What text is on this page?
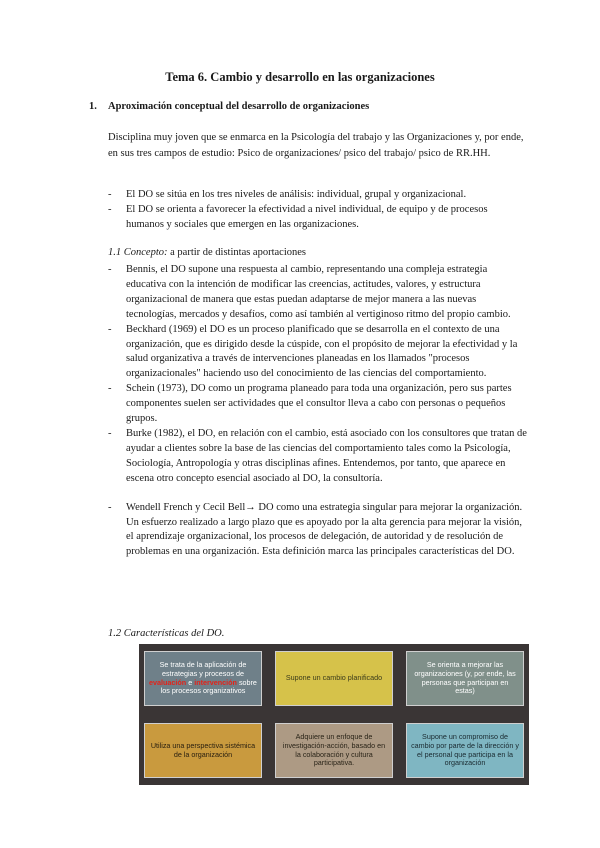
Tema 6. Cambio y desarrollo en las organizaciones
1. Aproximación conceptual del desarrollo de organizaciones

Disciplina muy joven que se enmarca en la Psicología del trabajo y las Organizaciones y, por ende, en sus tres campos de estudio: Psico de organizaciones/ psico del trabajo/ psico de RR.HH.

- El DO se sitúa en los tres niveles de análisis: individual, grupal y organizacional.
- El DO se orienta a favorecer la efectividad a nivel individual, de equipo y de procesos humanos y sociales que emergen en las organizaciones.
1.1 Concepto: a partir de distintas aportaciones
- Bennis, el DO supone una respuesta al cambio, representando una compleja estrategia educativa con la intención de modificar las creencias, actitudes, valores, y estructura organizacional de manera que estas puedan adaptarse de mejor manera a las nuevas tecnologías, mercados y desafíos, como así también al vertiginoso ritmo del propio cambio.
- Beckhard (1969) el DO es un proceso planificado que se desarrolla en el contexto de una organización, que es dirigido desde la cúspide, con el propósito de mejorar la efectividad y la salud organizativa a través de intervenciones planeadas en los llamados "procesos organizacionales" haciendo uso del conocimiento de las ciencias del comportamiento.
- Schein (1973), DO como un programa planeado para toda una organización, pero sus partes componentes suelen ser actividades que el consultor lleva a cabo con personas o pequeños grupos.
- Burke (1982), el DO, en relación con el cambio, está asociado con los consultores que tratan de ayudar a clientes sobre la base de las ciencias del comportamiento tales como la Psicología, Sociología, Antropología y otras disciplinas afines. Entendemos, por tanto, que aparece en escena otro concepto esencial asociado al DO, la consultoría.
- Wendell French y Cecil Bell→ DO como una estrategia singular para mejorar la organización. Un esfuerzo realizado a largo plazo que es apoyado por la alta gerencia para mejorar la visión, el aprendizaje organizacional, los procesos de delegación, de autoridad y de resolución de problemas en una organización. Esta definición marca las principales características del DO.
1.2 Características del DO.
Se trata de la aplicación de estrategias y procesos de evaluación e intervención sobre los procesos organizativos
Supone un cambio planificado
Se orienta a mejorar las organizaciones (y, por ende, las personas que participan en estas)
Utiliza una perspectiva sistémica de la organización
Adquiere un enfoque de investigación-acción, basado en la colaboración y cultura participativa.
Supone un compromiso de cambio por parte de la dirección y el personal que participa en la organización
